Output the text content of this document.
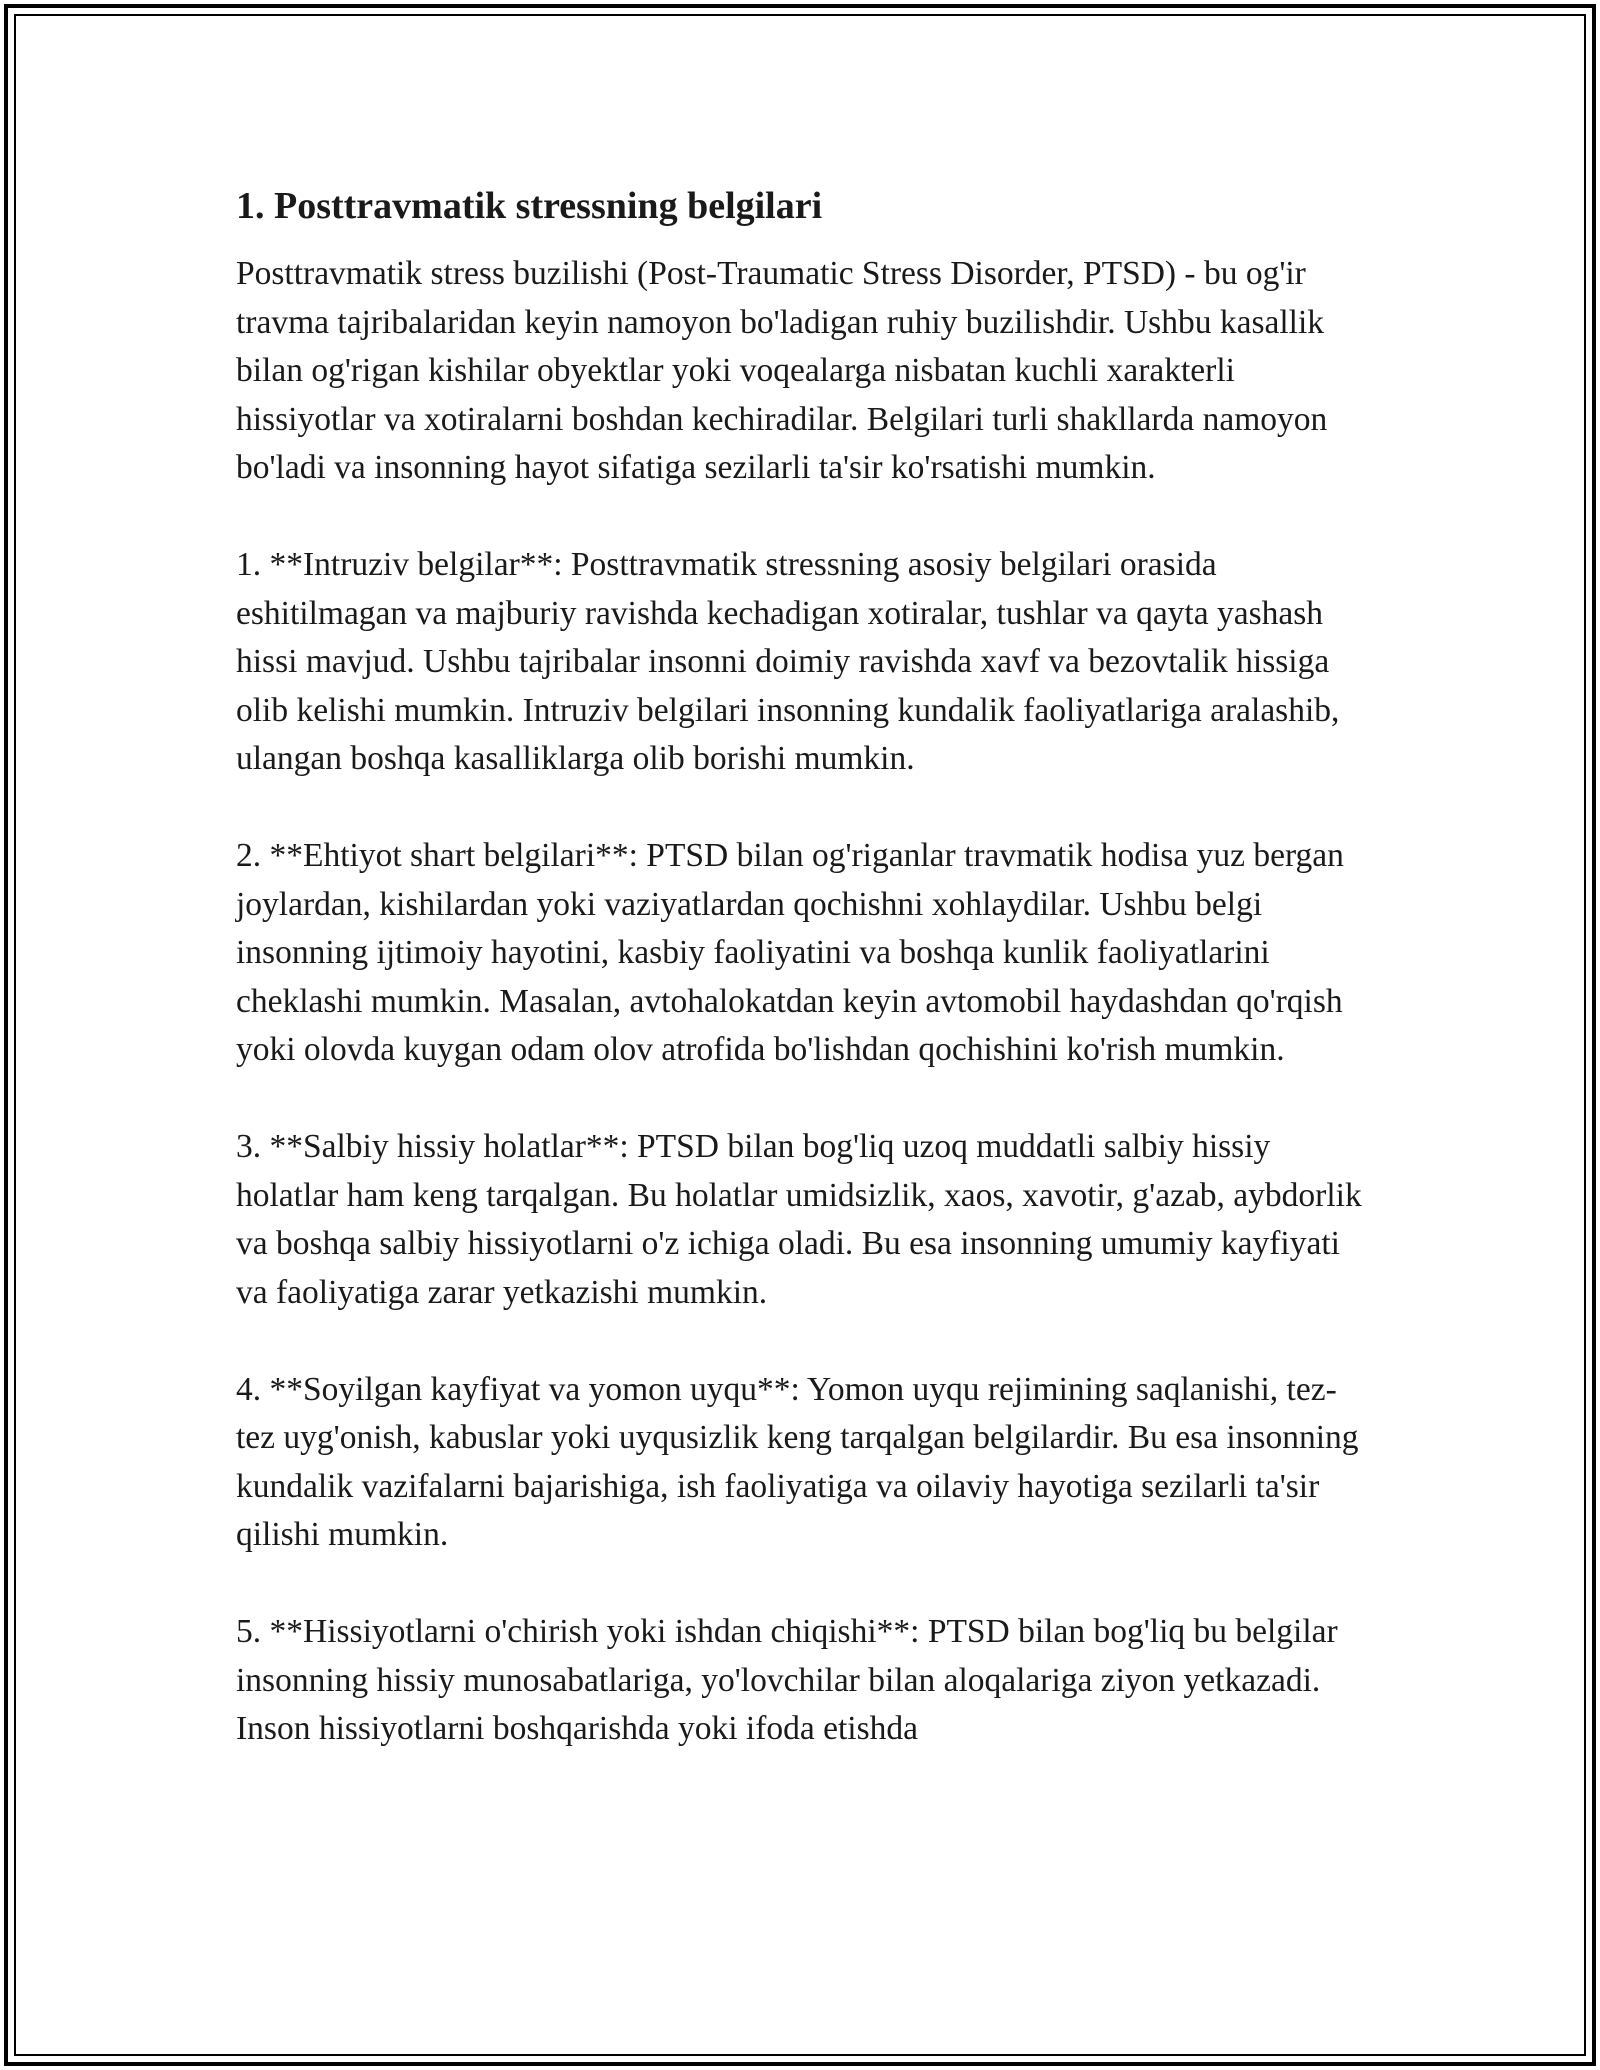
1. Posttravmatik stressning belgilari

Posttravmatik stress buzilishi (Post-Traumatic Stress Disorder, PTSD) - bu og'ir travma tajribalaridan keyin namoyon bo'ladigan ruhiy buzilishdir. Ushbu kasallik bilan og'rigan kishilar obyektlar yoki voqealarga nisbatan kuchli xarakterli hissiyotlar va xotiralarni boshdan kechiradilar. Belgilari turli shakllarda namoyon bo'ladi va insonning hayot sifatiga sezilarli ta'sir ko'rsatishi mumkin.

1. **Intruziv belgilar**: Posttravmatik stressning asosiy belgilari orasida eshitilmagan va majburiy ravishda kechadigan xotiralar, tushlar va qayta yashash hissi mavjud. Ushbu tajribalar insonni doimiy ravishda xavf va bezovtalik hissiga olib kelishi mumkin. Intruziv belgilari insonning kundalik faoliyatlariga aralashib, ulangan boshqa kasalliklarga olib borishi mumkin.

2. **Ehtiyot shart belgilari**: PTSD bilan og'riganlar travmatik hodisa yuz bergan joylardan, kishilardan yoki vaziyatlardan qochishni xohlaydilar. Ushbu belgi insonning ijtimoiy hayotini, kasbiy faoliyatini va boshqa kunlik faoliyatlarini cheklashi mumkin. Masalan, avtohalokatdan keyin avtomobil haydashdan qo'rqish yoki olovda kuygan odam olov atrofida bo'lishdan qochishini ko'rish mumkin.

3. **Salbiy hissiy holatlar**: PTSD bilan bog'liq uzoq muddatli salbiy hissiy holatlar ham keng tarqalgan. Bu holatlar umidsizlik, xaos, xavotir, g'azab, aybdorlik va boshqa salbiy hissiyotlarni o'z ichiga oladi. Bu esa insonning umumiy kayfiyati va faoliyatiga zarar yetkazishi mumkin.

4. **Soyilgan kayfiyat va yomon uyqu**: Yomon uyqu rejimining saqlanishi, tez-tez uyg'onish, kabuslar yoki uyqusizlik keng tarqalgan belgilardir. Bu esa insonning kundalik vazifalarni bajarishiga, ish faoliyatiga va oilaviy hayotiga sezilarli ta'sir qilishi mumkin.

5. **Hissiyotlarni o'chirish yoki ishdan chiqishi**: PTSD bilan bog'liq bu belgilar insonning hissiy munosabatlariga, yo'lovchilar bilan aloqalariga ziyon yetkazadi. Inson hissiyotlarni boshqarishda yoki ifoda etishda
